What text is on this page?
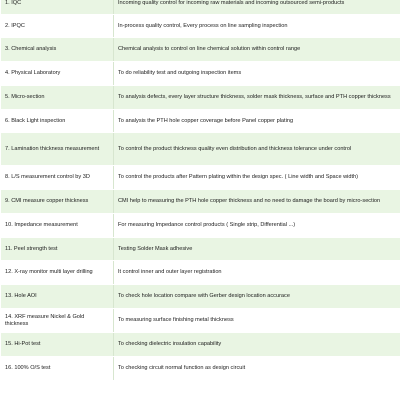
1. IQC	Incoming quality control for incoming raw materials and incoming outsourced semi-products
2. IPQC	In-process quality control, Every process on line sampling inspection
3. Chemical analysis	Chemical analysis to control on line chemical solution within control range
4. Physical Laboratory	To do reliability test and outgoing inspection items
5. Micro-section	To analysis defects, every layer structure thickness, solder mask thickness, surface and PTH copper thickness
6. Black Light inspection	To analysis the PTH hole copper coverage before Panel copper plating
7. Lamination thickness measurement	To control the product thickness quality even distribution and thickness tolerance under control
8. L/S measurement control by 3D	To control the products after Pattern plating within the design spec. ( Line width and Space width)
9. CMI measure copper thickness	CMI help to measuring the PTH hole copper thickness and no need to damage the board by micro-section
10. Impedance measurement	For measuring Impedance control products ( Single strip, Differential ...)
11. Peel strength test	Testing Solder Mask adhesive
12. X-ray monitor multi layer drilling	It control inner and outer layer registration
13. Hole AOI	To check hole location compare with Gerber design location accurace
14. XRF measure Nickel & Gold thickness	To measuring surface finishing metal thickness
15. Hi-Pot test	To checking dielectric insulation capability
16. 100% O/S test	To checking circuit normal function as design circuit
